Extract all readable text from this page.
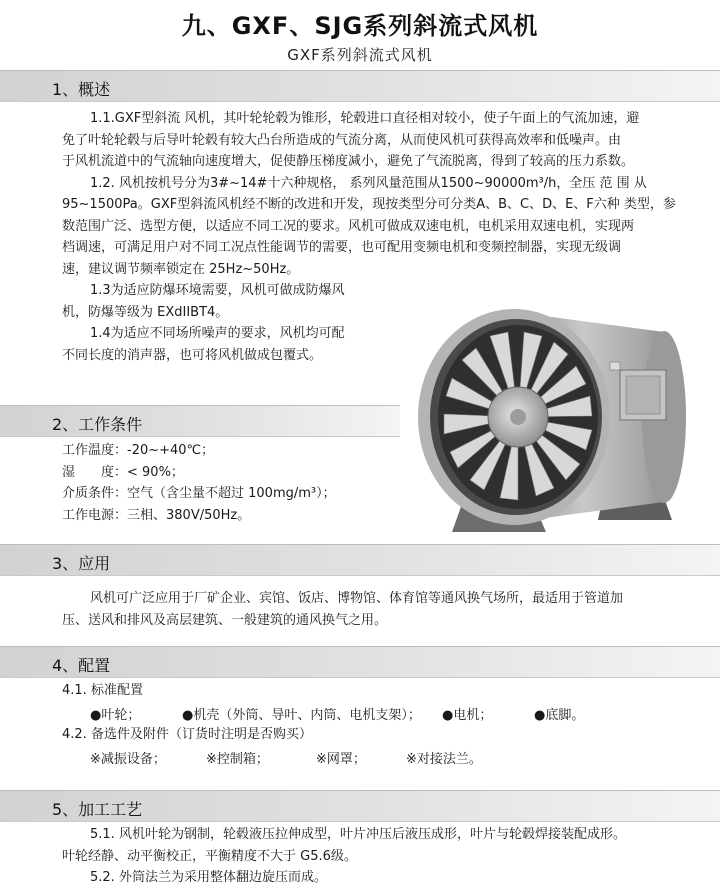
九、GXF、SJG系列斜流式风机
GXF系列斜流式风机
1、概述

1.1.GXF型斜流 风机，其叶轮轮毂为锥形，轮毂进口直径相对较小，使子午面上的气流加速，避

免了叶轮轮毂与后导叶轮毂有较大凸台所造成的气流分离，从而使风机可获得高效率和低噪声。由

于风机流道中的气流轴向速度增大，促使静压梯度减小，避免了气流脱离，得到了较高的压力系数。

1.2. 风机按机号分为3#~14#十六种规格， 系列风量范围从1500~90000m³/h，全压 范 围 从

95~1500Pa。GXF型斜流风机经不断的改进和开发，现按类型分可分类A、B、C、D、E、F六种 类型，参

数范围广泛、选型方便，以适应不同工况的要求。风机可做成双速电机，电机采用双速电机，实现两

档调速，可满足用户对不同工况点性能调节的需要，也可配用变频电机和变频控制器，实现无级调

速，建议调节频率锁定在 25Hz~50Hz。

1.3为适应防爆环境需要，风机可做成防爆风

机，防爆等级为 EXdIIBT4。

1.4为适应不同场所噪声的要求，风机均可配

不同长度的消声器，也可将风机做成包覆式。

2、工作条件

工作温度：-20~+40℃；

湿　　度：< 90%；

介质条件：空气（含尘量不超过 100mg/m³）；

工作电源：三相、380V/50Hz。

3、应用

风机可广泛应用于厂矿企业、宾馆、饭店、博物馆、体育馆等通风换气场所，最适用于管道加

压、送风和排风及高层建筑、一般建筑的通风换气之用。

4、配置

4.1. 标准配置

●叶轮；	●机壳（外筒、导叶、内筒、电机支架）； ●电机；	●底脚。

4.2. 备选件及附件（订货时注明是否购买）

※减振设备；	※控制箱；	※网罩；	※对接法兰。
5、加工工艺

5.1. 风机叶轮为钢制，轮毂液压拉伸成型，叶片冲压后液压成形，叶片与轮毂焊接装配成形。

叶轮经静、动平衡校正，平衡精度不大于 G5.6级。

5.2. 外筒法兰为采用整体翻边旋压而成。
